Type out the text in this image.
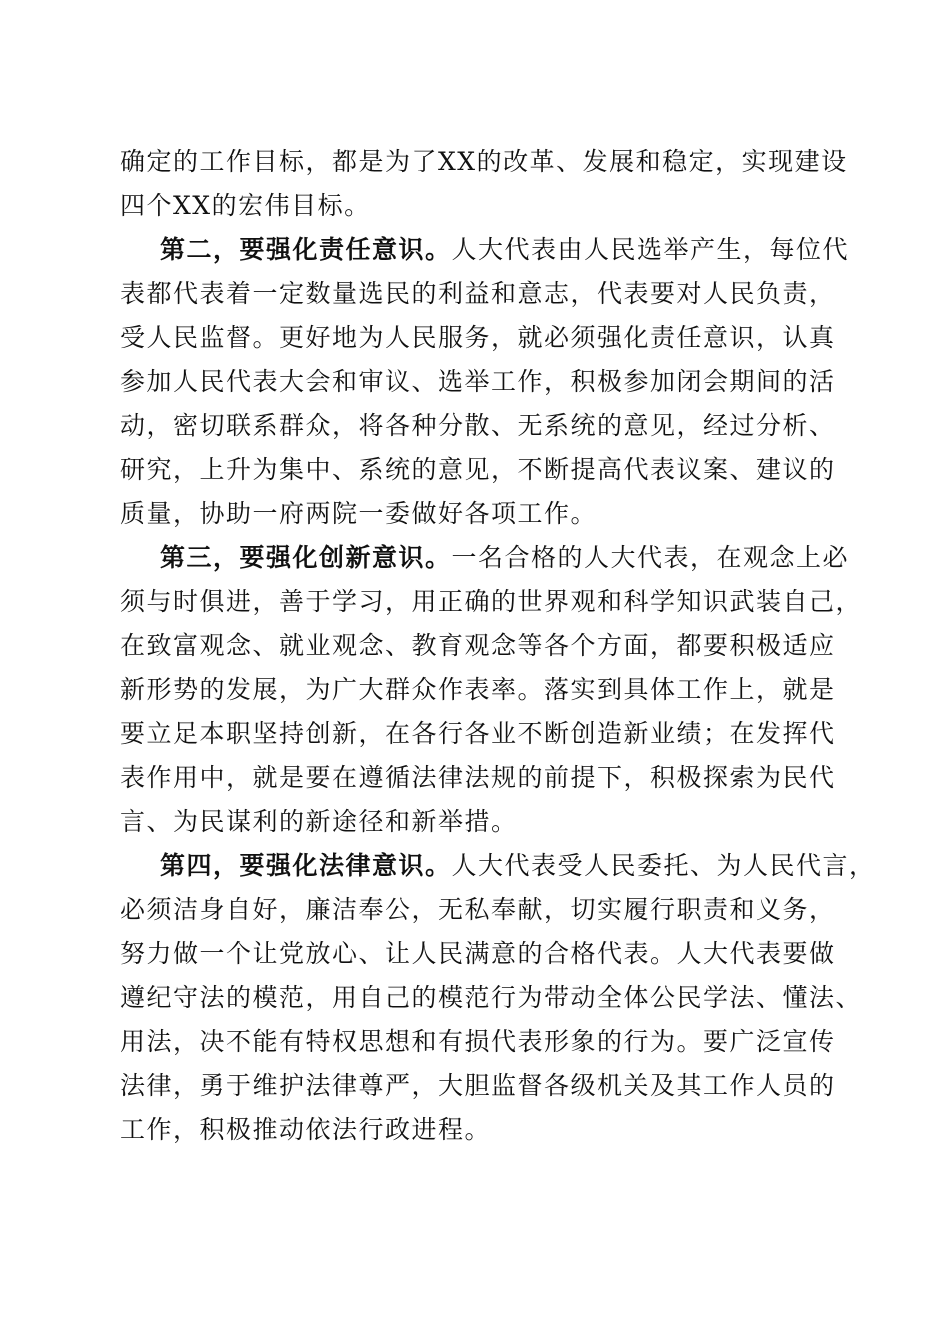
确定的工作目标，都是为了XX的改革、发展和稳定，实现建设
四个XX的宏伟目标。
第二，要强化责任意识。人大代表由人民选举产生，每位代
表都代表着一定数量选民的利益和意志，代表要对人民负责，
受人民监督。更好地为人民服务，就必须强化责任意识，认真
参加人民代表大会和审议、选举工作，积极参加闭会期间的活
动，密切联系群众，将各种分散、无系统的意见，经过分析、
研究，上升为集中、系统的意见，不断提高代表议案、建议的
质量，协助一府两院一委做好各项工作。
第三，要强化创新意识。一名合格的人大代表，在观念上必
须与时俱进，善于学习，用正确的世界观和科学知识武装自己，
在致富观念、就业观念、教育观念等各个方面，都要积极适应
新形势的发展，为广大群众作表率。落实到具体工作上，就是
要立足本职坚持创新，在各行各业不断创造新业绩；在发挥代
表作用中，就是要在遵循法律法规的前提下，积极探索为民代
言、为民谋利的新途径和新举措。
第四，要强化法律意识。人大代表受人民委托、为人民代言，
必须洁身自好，廉洁奉公，无私奉献，切实履行职责和义务，
努力做一个让党放心、让人民满意的合格代表。人大代表要做
遵纪守法的模范，用自己的模范行为带动全体公民学法、懂法、
用法，决不能有特权思想和有损代表形象的行为。要广泛宣传
法律，勇于维护法律尊严，大胆监督各级机关及其工作人员的
工作，积极推动依法行政进程。
